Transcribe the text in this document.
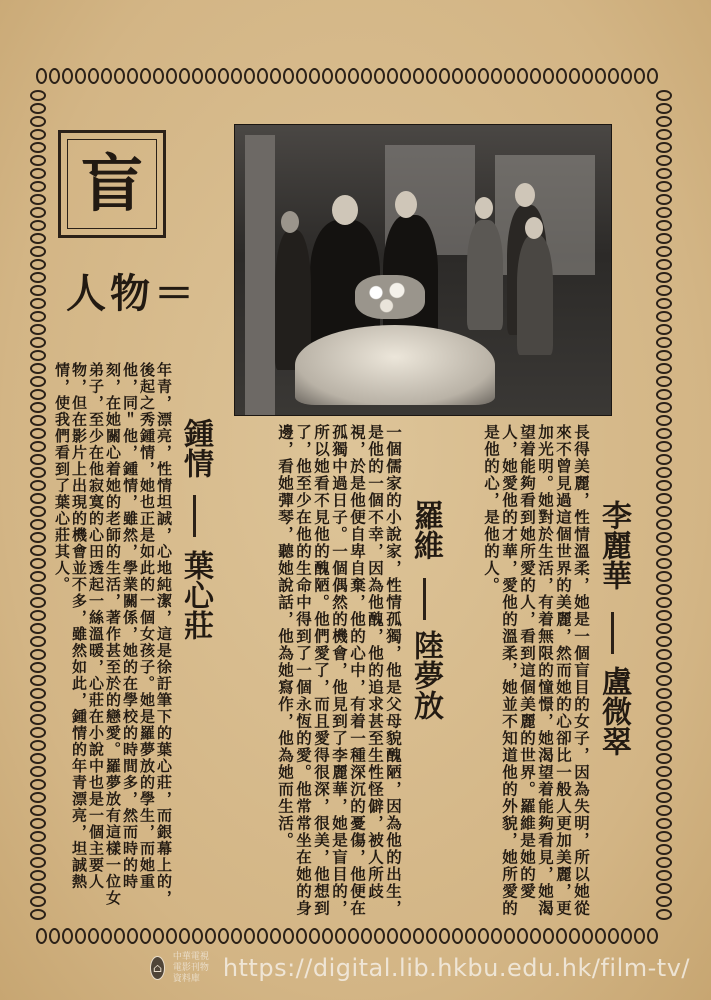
盲
人物＝
鍾情
葉心莊
年青，漂亮，性情坦誠，心地純潔，這是徐訏筆下的葉心莊，而銀幕上的，後起之秀鍾情，她也正是如此的一個女孩子。她是羅夢放的學生，而她重他，同＂他，鍾情，雖然，學業關係，她的在學校的時間多，然而時的時刻，在她關心着她的老師的生活，著作甚至於的戀愛。羅夢放有這樣一位女弟子，至少在他寂寞的心田透起一絲溫暖，心莊在小說中也是一個主要人物，但在影片上出現的機會並不多，雖然如此，鍾情的年青漂亮，坦誠熱情，使我們看到了葉心莊其人。	羅維
陸夢放
一個儒家的小說家，性情孤獨，他是父母貌醜陋，因為他的出生，是他的一個不幸，因為他醜，他的追求甚至生性怪僻，被人所歧視，於是他便自卑自棄，他的心中，有着一種深沉的憂傷，他便在孤獨中過日子。一個偶然的機會，他見到了李麗華，她是盲目的，所以她看不見他的醜陋。他們愛了，而且愛得很深，很美，他想到了，他至少在他的生命中得到了一個永恆的愛。他常常坐在她的身邊，看她彈琴，聽她說話，他為她寫作，他為她而生活。	李麗華
盧微翠
長得美麗，性情溫柔，她是一個盲目的女子，因為失明，所以她從來不曾見過這個世界的美麗，然而她的心卻比一般人更加美麗，更加光明。她對於生活，有着無限的憧憬，她渴望着能夠看見，她渴望着能夠看到她所愛的人，看到這個美麗的世界。羅維是她的愛人，她愛他的才華，愛他的溫柔，她並不知道他的外貌，她所愛的是他的心，是他的人。
⌂
中華電視電影刊物資料庫 https://digital.lib.hkbu.edu.hk/film-tv/
